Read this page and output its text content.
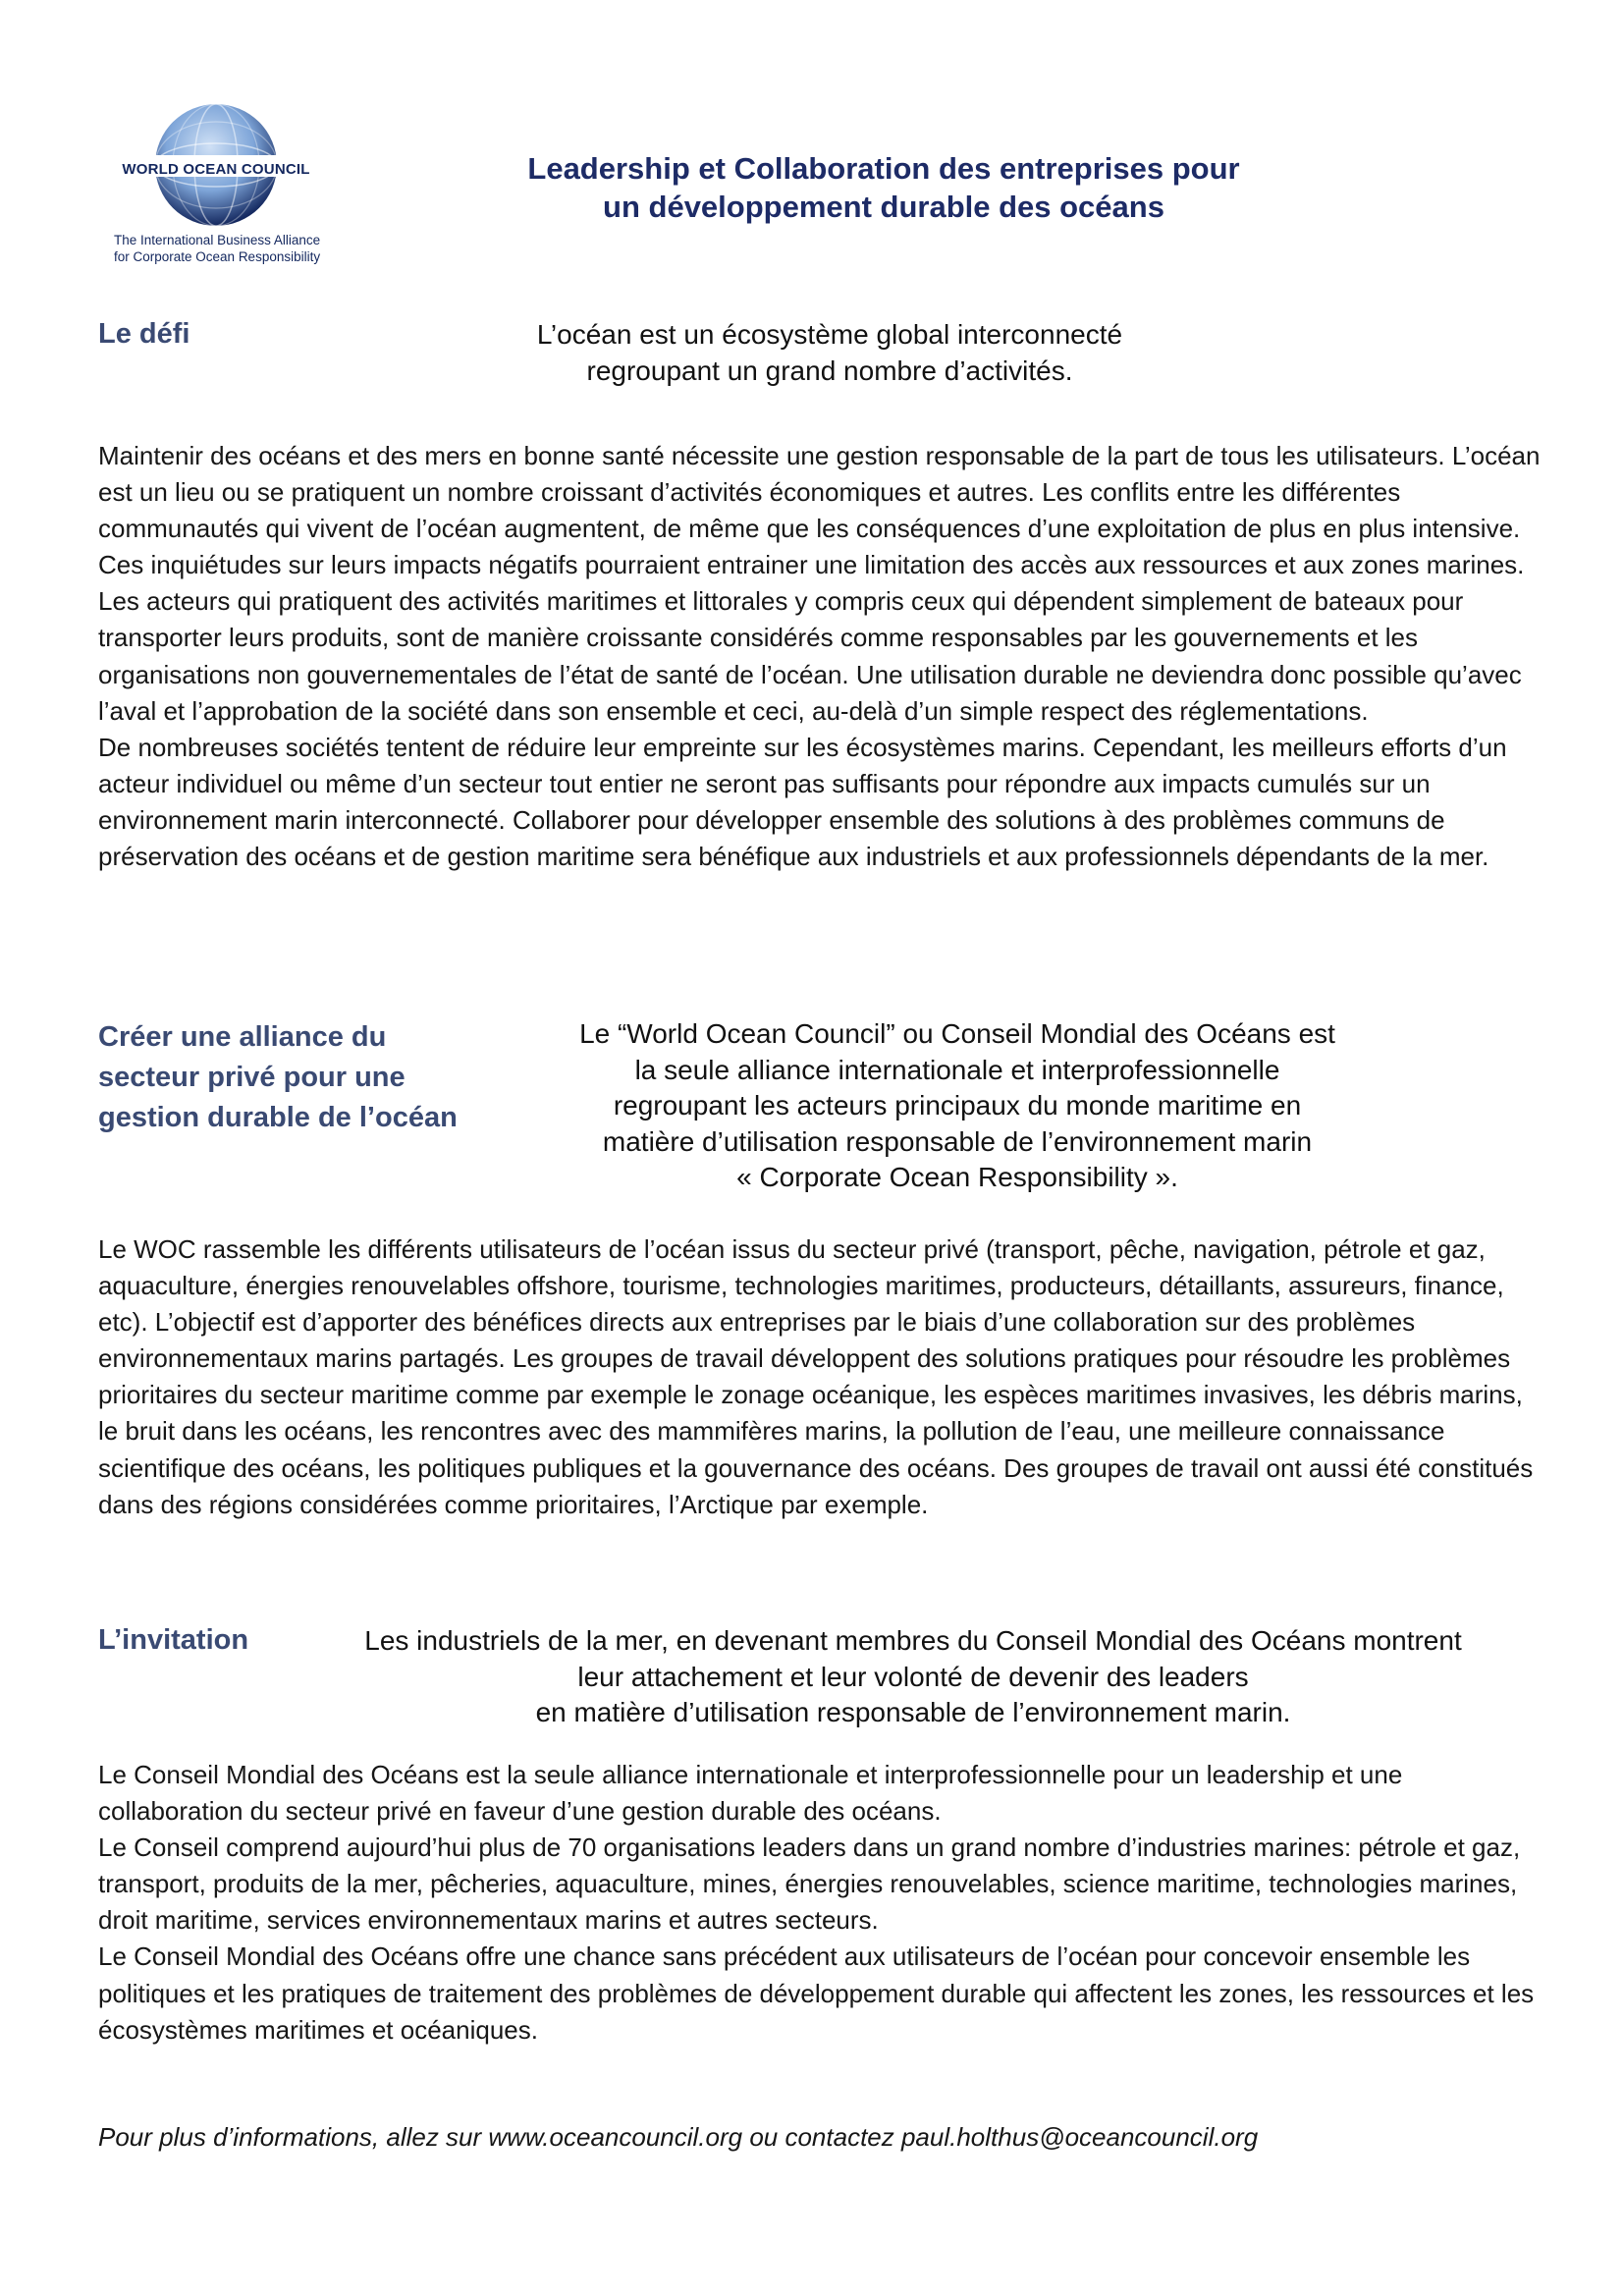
WORLD OCEAN COUNCIL
The International Business Alliance
for Corporate Ocean Responsibility
Leadership et Collaboration des entreprises pour
un développement durable des océans
Le défi	L’océan est un écosystème global interconnecté
regroupant un grand nombre d’activités.

Maintenir des océans et des mers en bonne santé nécessite une gestion responsable de la part de tous les utilisateurs. L’océan est un lieu ou se pratiquent un nombre croissant d’activités économiques et autres. Les conflits entre les différentes communautés qui vivent de l’océan augmentent, de même que les conséquences d’une exploitation de plus en plus intensive. Ces inquiétudes sur leurs impacts négatifs pourraient entrainer une limitation des accès aux ressources et aux zones marines. Les acteurs qui pratiquent des activités maritimes et littorales y compris ceux qui dépendent simplement de bateaux pour transporter leurs produits, sont de manière croissante considérés comme responsables par les gouvernements et les organisations non gouvernementales de l’état de santé de l’océan. Une utilisation durable ne deviendra donc possible qu’avec l’aval et l’approbation de la société dans son ensemble et ceci, au-delà d’un simple respect des réglementations.

De nombreuses sociétés tentent de réduire leur empreinte sur les écosystèmes marins. Cependant, les meilleurs efforts d’un acteur individuel ou même d’un secteur tout entier ne seront pas suffisants pour répondre aux impacts cumulés sur un environnement marin interconnecté. Collaborer pour développer ensemble des solutions à des problèmes communs de préservation des océans et de gestion maritime sera bénéfique aux industriels et aux professionnels dépendants de la mer.

Créer une alliance du
secteur privé pour une
gestion durable de l’océan
Le “World Ocean Council” ou Conseil Mondial des Océans est
la seule alliance internationale et interprofessionnelle
regroupant les acteurs principaux du monde maritime en
matière d’utilisation responsable de l’environnement marin
« Corporate Ocean Responsibility ».

Le WOC rassemble les différents utilisateurs de l’océan issus du secteur privé (transport, pêche, navigation, pétrole et gaz, aquaculture, énergies renouvelables offshore, tourisme, technologies maritimes, producteurs, détaillants, assureurs, finance, etc). L’objectif est d’apporter des bénéfices directs aux entreprises par le biais d’une collaboration sur des problèmes environnementaux marins partagés. Les groupes de travail développent des solutions pratiques pour résoudre les problèmes prioritaires du secteur maritime comme par exemple le zonage océanique, les espèces maritimes invasives, les débris marins, le bruit dans les océans, les rencontres avec des mammifères marins, la pollution de l’eau, une meilleure connaissance scientifique des océans, les politiques publiques et la gouvernance des océans. Des groupes de travail ont aussi été constitués dans des régions considérées comme prioritaires, l’Arctique par exemple.

L’invitation	Les industriels de la mer, en devenant membres du Conseil Mondial des Océans montrent
leur attachement et leur volonté de devenir des leaders
en matière d’utilisation responsable de l’environnement marin.

Le Conseil Mondial des Océans est la seule alliance internationale et interprofessionnelle pour un leadership et une collaboration du secteur privé en faveur d’une gestion durable des océans.

Le Conseil comprend aujourd’hui plus de 70 organisations leaders dans un grand nombre d’industries marines: pétrole et gaz, transport, produits de la mer, pêcheries, aquaculture, mines, énergies renouvelables, science maritime, technologies marines, droit maritime, services environnementaux marins et autres secteurs.

Le Conseil Mondial des Océans offre une chance sans précédent aux utilisateurs de l’océan pour concevoir ensemble les politiques et les pratiques de traitement des problèmes de développement durable qui affectent les zones, les ressources et les écosystèmes maritimes et océaniques.

Pour plus d’informations, allez sur www.oceancouncil.org ou contactez paul.holthus@oceancouncil.org
